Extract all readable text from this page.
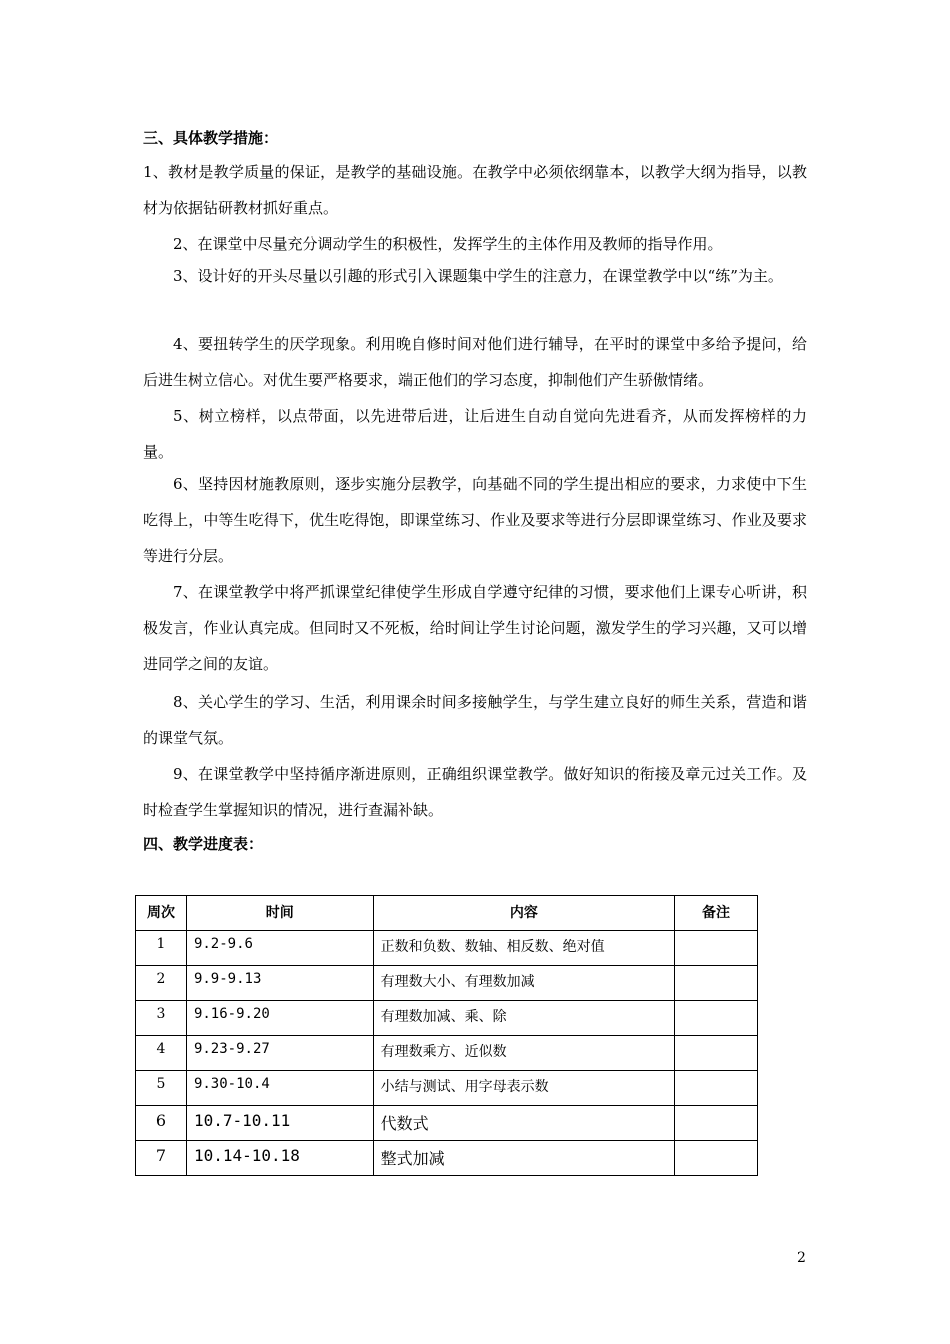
三、具体教学措施：

1、教材是教学质量的保证，是教学的基础设施。在教学中必须依纲靠本，以教学大纲为指导，以教材为依据钻研教材抓好重点。

2、在课堂中尽量充分调动学生的积极性，发挥学生的主体作用及教师的指导作用。

3、设计好的开头尽量以引趣的形式引入课题集中学生的注意力，在课堂教学中以“练”为主。

4、要扭转学生的厌学现象。利用晚自修时间对他们进行辅导，在平时的课堂中多给予提问，给后进生树立信心。对优生要严格要求，端正他们的学习态度，抑制他们产生骄傲情绪。

5、树立榜样，以点带面，以先进带后进，让后进生自动自觉向先进看齐，从而发挥榜样的力量。

6、坚持因材施教原则，逐步实施分层教学，向基础不同的学生提出相应的要求，力求使中下生吃得上，中等生吃得下，优生吃得饱，即课堂练习、作业及要求等进行分层即课堂练习、作业及要求等进行分层。

7、在课堂教学中将严抓课堂纪律使学生形成自学遵守纪律的习惯，要求他们上课专心听讲，积极发言，作业认真完成。但同时又不死板，给时间让学生讨论问题，激发学生的学习兴趣，又可以增进同学之间的友谊。

8、关心学生的学习、生活，利用课余时间多接触学生，与学生建立良好的师生关系，营造和谐的课堂气氛。

9、在课堂教学中坚持循序渐进原则，正确组织课堂教学。做好知识的衔接及章元过关工作。及时检查学生掌握知识的情况，进行查漏补缺。

四、教学进度表：
周次	时间	内容	备注
1	9.2-9.6	正数和负数、数轴、相反数、绝对值	
2	9.9-9.13	有理数大小、有理数加减	
3	9.16-9.20	有理数加减、乘、除	
4	9.23-9.27	有理数乘方、近似数	
5	9.30-10.4	小结与测试、用字母表示数	
6	10.7-10.11	代数式	
7	10.14-10.18	整式加减	
2
